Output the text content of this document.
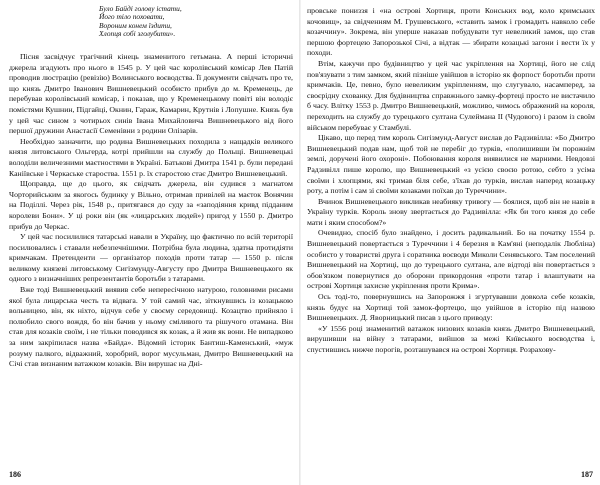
Було Байді голову істати,
Його тіло поховати,
Вороним конем їздити,
Хлопця собі зголубити».

Пісня засвідчує трагічний кінець знаменитого гетьмана. А перші історичні джерела згадують про нього в 1545 р. У цей час королівський комісар Лев Патій проводив люстрацію (ревізію) Волинського воєводства. Її документи свідчать про те, що князь Дмитро Іванович Вишневецький особисто прибув до м. Кременець, де перебував королівський комісар, і показав, що у Кременецькому повіті він володіє помістями Кушнин, Підгайці, Окнин, Гараж, Камарин, Крутнів і Лопушне. Князь був у цей час сином з чотирьох синів Івана Михайловича Вишневецького від його першої дружини Анастасії Семенівни з родини Олізарів.

Необхідно зазначити, що родина Вишневецьких походила з нащадків великого князя литовського Ольгерда, котрі прийшли на службу до Польщі. Вишневецькі володіли величезними маєтностями в Україні. Батькові Дмитра 1541 р. були передані Каніївське і Черкаське староства. 1551 р. їх старостою стає Дмитро Вишневецький.

Щоправда, ще до цього, як свідчать джерела, він судився з магнатом Чорторийським за якогось будинку у Вільно, отримав привілей на маєток Вонячин на Поділлі. Через рік, 1548 р., притягався до суду за «заподіяння кривд підданим королеви Бони». У ці роки він (як «лицарських людей») пригод у 1550 р. Дмитро прибув до Черкас.

У цей час посилилися татарські навали в Україну, що фактично по всій території посилювались і ставали небезпечнішими. Потрібна була людина, здатна протидіяти кримчакам. Претенденти — організатор походів проти татар — 1550 р. після великому князеві литовському Сигізмунду-Августу про Дмитра Вишневецького як одного з визначніших репрезентантів боротьби з татарами.

Вже тоді Вишневецький виявив себе непересічною натурою, головними рисами якої була лицарська честь та відвага. У той самий час, зіткнувшись із козацькою вольницею, він, як ніхто, відчув себе у своєму середовищі. Козацтво прийняло і полюбило свого вождя, бо він бачив у ньому сміливого та рішучого отамана. Він став для козаків своїм, і не тільки поводився як козак, а й жив як вони. Не випадково за ним закріпилася назва «Байда». Відомий історик Бантиш-Каменський, «муж розуму палкого, відважний, хоробрий, ворог мусульман, Дмитро Вишневецький на Січі став визнаним ватажком козаків. Він вирушає на Дні-

186

провське пониззя і «на острові Хортиця, проти Конських вод, коло кримських кочовищ», за свідченням М. Грушевського, «ставить замок і громадить навколо себе козаччину». Зокрема, він уперше наказав побудувати тут невеликий замок, що став першою фортецею Запорозької Січі, а відтак — збирати козацькі загони і вести їх у походи.

Втім, кажучи про будівництво у цей час укріплення на Хортиці, його не слід пов'язувати з тим замком, який пізніше увійшов в історію як форпост боротьби проти кримчаків. Це, певно, було невеликим укріпленням, що слугувало, насамперед, за своєрідну схованку. Для будівництва справжнього замку-фортеці просто не вистачило б часу. Влітку 1553 р. Дмитро Вишневецький, можливо, чимось ображений на короля, переходить на службу до турецького султана Сулеймана II (Чудового) і разом із своїм військом перебуває у Стамбулі.

Цікаво, що перед тим король Сигізмунд-Август вислав до Радзивілла: «Бо Дмитро Вишневецький подав нам, щоб той не перебіг до турків, «полишивши їм порожнім землі, доручені його охороні». Побоювання короля виявилися не марними. Невдовзі Радзивілл пише королю, що Вишневецький «з усією своєю ротою, себто з усіма своїми і хлопцями, які тримав біля себе, з'їхав до турків, вислав наперед козацьку роту, а потім і сам зі своїми козаками поїхав до Туреччини».

Вчинок Вишневецького викликав неабияку тривогу — боялися, щоб він не навів в Україну турків. Король знову звертається до Радзивілла: «Як би того князя до себе мати і яким способом?»

Очевидно, спосіб було знайдено, і досить радикальний. Бо на початку 1554 р. Вишневецький повертається з Туреччини і 4 березня в Кам'яні (неподалік Любліна) особисто у товаристві друга і соратника воєводи Миколи Сенявського. Там поселений Вишневецький на Хортиці, що до турецького султана, але відтоді він повертається з обов'язком повернутися до оборони прикордоння «проти татар і влаштувати на острові Хортиця захисне укріплення проти Крима».

Ось тоді-то, повернувшись на Запорожжя і згуртувавши довкола себе козаків, князь будує на Хортиці той замок-фортецю, що увійшов в історію під назвою Вишневецьких. Д. Яворницький писав з цього приводу:

«У 1556 році знаменитий ватажок низових козаків князь Дмитро Вишневецький, вирушивши на війну з татарами, вийшов за межі Київського воєводства і, спустившись нижче порогів, розташувався на острові Хортиця. Розрахову-

187
